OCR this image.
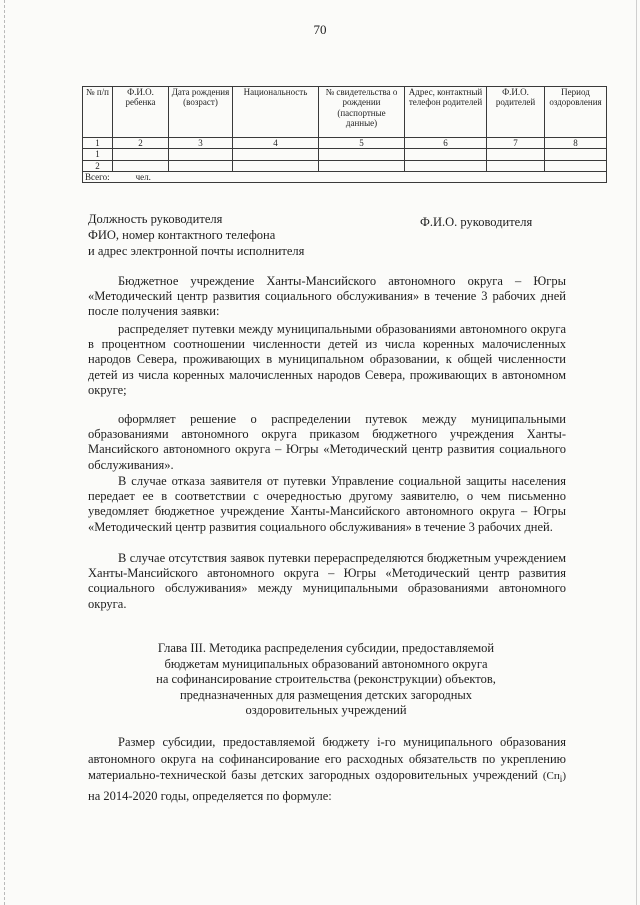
70
№ п/п	Ф.И.О. ребенка	Дата рождения (возраст)	Национальность	№ свидетельства о рождении (паспортные данные)	Адрес, контактный телефон родителей	Ф.И.О. родителей	Период оздоровления
1	2	3	4	5	6	7	8
1							
2							
Всего: чел.							
Должность руководителя
ФИО, номер контактного телефона
и адрес электронной почты исполнителя
Ф.И.О. руководителя

Бюджетное учреждение Ханты-Мансийского автономного округа – Югры «Методический центр развития социального обслуживания» в течение 3 рабочих дней после получения заявки:

распределяет путевки между муниципальными образованиями автономного округа в процентном соотношении численности детей из числа коренных малочисленных народов Севера, проживающих в муниципальном образовании, к общей численности детей из числа коренных малочисленных народов Севера, проживающих в автономном округе;

оформляет решение о распределении путевок между муниципальными образованиями автономного округа приказом бюджетного учреждения Ханты-Мансийского автономного округа – Югры «Методический центр развития социального обслуживания».

В случае отказа заявителя от путевки Управление социальной защиты населения передает ее в соответствии с очередностью другому заявителю, о чем письменно уведомляет бюджетное учреждение Ханты-Мансийского автономного округа – Югры «Методический центр развития социального обслуживания» в течение 3 рабочих дней.

В случае отсутствия заявок путевки перераспределяются бюджетным учреждением Ханты-Мансийского автономного округа – Югры «Методический центр развития социального обслуживания» между муниципальными образованиями автономного округа.

Глава III. Методика распределения субсидии, предоставляемой
бюджетам муниципальных образований автономного округа
на софинансирование строительства (реконструкции) объектов,
предназначенных для размещения детских загородных
оздоровительных учреждений

Размер субсидии, предоставляемой бюджету i-го муниципального образования автономного округа на софинансирование его расходных обязательств по укреплению материально-технической базы детских загородных оздоровительных учреждений $(Cп_i)$ на 2014-2020 годы, определяется по формуле:
